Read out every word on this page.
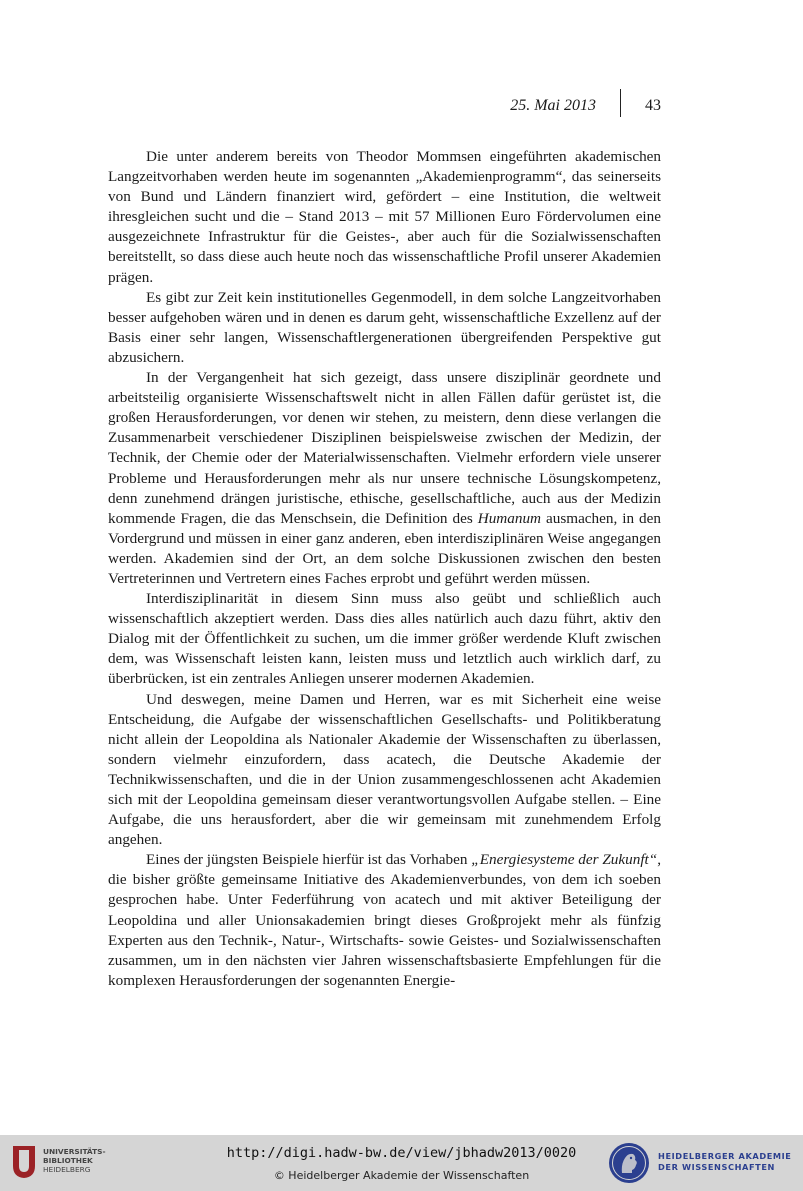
25. Mai 2013	43

Die unter anderem bereits von Theodor Mommsen eingeführten akademischen Langzeitvorhaben werden heute im sogenannten „Akademienprogramm“, das seinerseits von Bund und Ländern finanziert wird, gefördert – eine Institution, die weltweit ihresgleichen sucht und die – Stand 2013 – mit 57 Millionen Euro Fördervolumen eine ausgezeichnete Infrastruktur für die Geistes-, aber auch für die Sozialwissenschaften bereitstellt, so dass diese auch heute noch das wissenschaftliche Profil unserer Akademien prägen.

Es gibt zur Zeit kein institutionelles Gegenmodell, in dem solche Langzeitvorhaben besser aufgehoben wären und in denen es darum geht, wissenschaftliche Exzellenz auf der Basis einer sehr langen, Wissenschaftlergenerationen übergreifenden Perspektive gut abzusichern.

In der Vergangenheit hat sich gezeigt, dass unsere disziplinär geordnete und arbeitsteilig organisierte Wissenschaftswelt nicht in allen Fällen dafür gerüstet ist, die großen Herausforderungen, vor denen wir stehen, zu meistern, denn diese verlangen die Zusammenarbeit verschiedener Disziplinen beispielsweise zwischen der Medizin, der Technik, der Chemie oder der Materialwissenschaften. Vielmehr erfordern viele unserer Probleme und Herausforderungen mehr als nur unsere technische Lösungskompetenz, denn zunehmend drängen juristische, ethische, gesellschaftliche, auch aus der Medizin kommende Fragen, die das Menschsein, die Definition des Humanum ausmachen, in den Vordergrund und müssen in einer ganz anderen, eben interdisziplinären Weise angegangen werden. Akademien sind der Ort, an dem solche Diskussionen zwischen den besten Vertreterinnen und Vertretern eines Faches erprobt und geführt werden müssen.

Interdisziplinarität in diesem Sinn muss also geübt und schließlich auch wissenschaftlich akzeptiert werden. Dass dies alles natürlich auch dazu führt, aktiv den Dialog mit der Öffentlichkeit zu suchen, um die immer größer werdende Kluft zwischen dem, was Wissenschaft leisten kann, leisten muss und letztlich auch wirklich darf, zu überbrücken, ist ein zentrales Anliegen unserer modernen Akademien.

Und deswegen, meine Damen und Herren, war es mit Sicherheit eine weise Entscheidung, die Aufgabe der wissenschaftlichen Gesellschafts- und Politikberatung nicht allein der Leopoldina als Nationaler Akademie der Wissenschaften zu überlassen, sondern vielmehr einzufordern, dass acatech, die Deutsche Akademie der Technikwissenschaften, und die in der Union zusammengeschlossenen acht Akademien sich mit der Leopoldina gemeinsam dieser verantwortungsvollen Aufgabe stellen. – Eine Aufgabe, die uns herausfordert, aber die wir gemeinsam mit zunehmendem Erfolg angehen.

Eines der jüngsten Beispiele hierfür ist das Vorhaben „Energiesysteme der Zukunft“, die bisher größte gemeinsame Initiative des Akademienverbundes, von dem ich soeben gesprochen habe. Unter Federführung von acatech und mit aktiver Beteiligung der Leopoldina und aller Unionsakademien bringt dieses Großprojekt mehr als fünfzig Experten aus den Technik-, Natur-, Wirtschafts- sowie Geistes- und Sozialwissenschaften zusammen, um in den nächsten vier Jahren wissenschaftsbasierte Empfehlungen für die komplexen Herausforderungen der sogenannten Energie-

UNIVERSITÄTS-
BIBLIOTHEK
HEIDELBERG
http://digi.hadw-bw.de/view/jbhadw2013/0020
© Heidelberger Akademie der Wissenschaften
HEIDELBERGER AKADEMIE
DER WISSENSCHAFTEN
